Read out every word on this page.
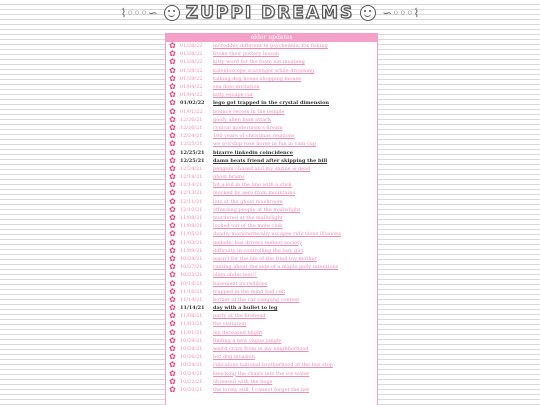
⌇◦◦◦∽ ZUPPI DREAMS ∽◦◦◦⌇
older updates
✿ 01/28/22	incredibly different to psychedelic fox fishing
✿ 01/28/22	broke their pottery lesson
✿ 01/28/22	kitty word for the foam eat mustang
✿ 01/28/22	kaleidoscope scavenger while drowning
✿ 01/28/22	talking dog house shopping mouse
✿ 01/04/22	sea dolo invitation
✿ 01/04/22	kitty escape car
✿ 01/02/22	lego got trapped in the crystal dimension
✿ 01/01/22	bounce recess in the temple
✿ 12/26/21	goofy alien bum attack
✿ 12/26/21	cynical modernism's dream
✿ 12/24/21	100 years of christmas reunions
✿ 12/25/21	we worship rose horse in fun in vain cup
✿ 12/25/21	bizarre linkedin coincidence
✿ 12/25/21	damn beats friend after skipping the bill
✿ 12/24/21	penguin chased and my shrine is dead
✿ 12/18/21	ghost brains
✿ 12/14/21	hit a kid in the line with a stick
✿ 12/13/21	mocked by aero from mountains
✿ 12/11/21	lotz at the ghost mushroom
✿ 12/10/21	offending people at the mallwlight
✿ 11/08/21	murdered at the mallwlight
✿ 11/08/21	locked out of the mote club
✿ 11/05/21	deadly marionette/ally escapes ridiculous illusions
✿ 11/03/21	melodic bus drivers meteor society
✿ 11/09/21	difficulty in controlling the lazy girl
✿ 10/28/21	wasn't for the life of the fried toy mother
✿ 10/27/21	ranting about the side of a maple golly intentions
✿ 10/25/21	alien abductees!!
✿ 10/18/21	basement incredibles
✿ 11/16/21	trapped in the mind bad cell
✿ 11/14/21	bother of the car camping contest
✿ 11/14/21	day with a bullet to leg
✿ 11/08/21	party at the firebend
✿ 11/03/21	the visitation
✿ 11/01/21	my deceased blight
✿ 10/29/21	finding a new vague jungle
✿ 10/28/21	weird crazy from in my neighborhood
✿ 10/26/21	hot dog invasion
✿ 10/24/21	ridiculous national brotherhood at the bus stop
✿ 10/24/21	knocking the chairs into the ice water
✿ 10/22/21	obsessed with the bugs
✿ 10/20/21	the lovely still, I cannot forget the net
